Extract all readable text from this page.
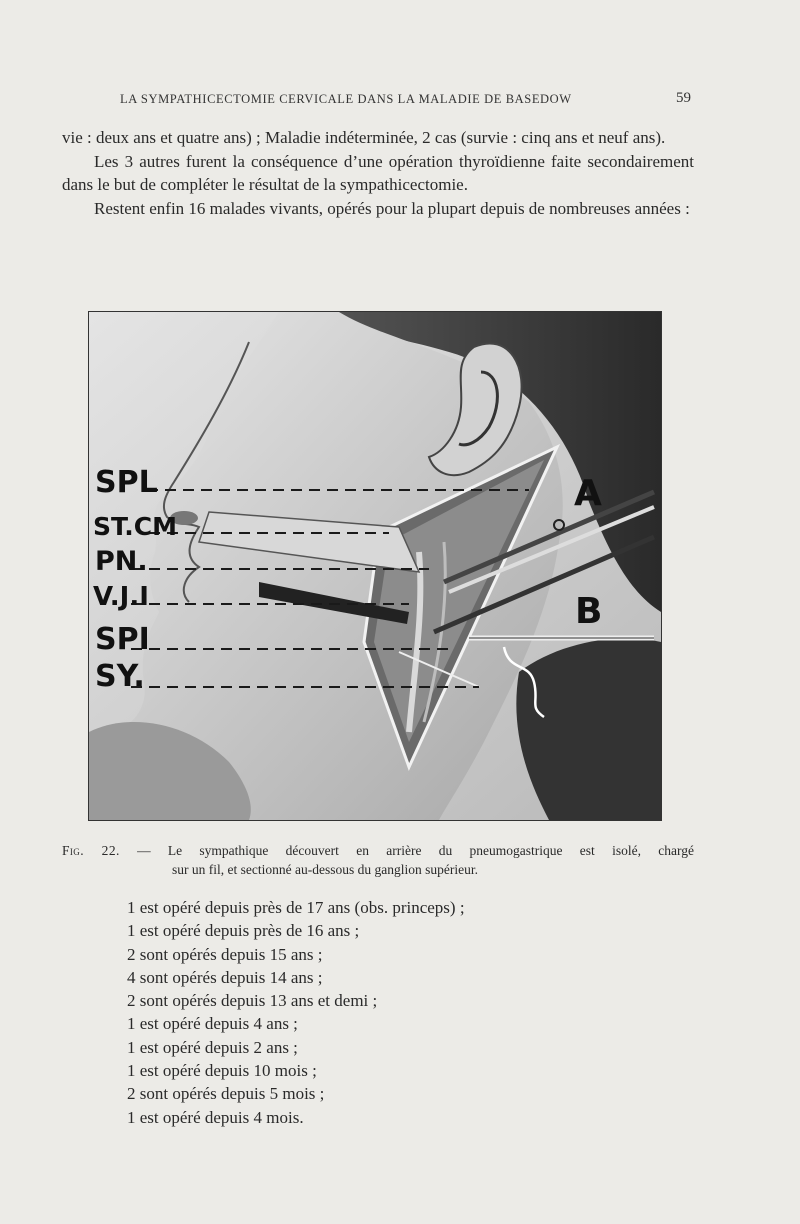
LA SYMPATHICECTOMIE CERVICALE DANS LA MALADIE DE BASEDOW	59

vie : deux ans et quatre ans) ; Maladie indéterminée, 2 cas (survie : cinq ans et neuf ans).

Les 3 autres furent la conséquence d’une opération thyroïdienne faite secondairement dans le but de compléter le résultat de la sympathicectomie.

Restent enfin 16 malades vivants, opérés pour la plupart depuis de nombreuses années :

SPL
ST.CM
PN.
V.J.I
SPI
SY.
A
B
Fig. 22. — Le sympathique découvert en arrière du pneumogastrique est isolé, chargé
sur un fil, et sectionné au-dessous du ganglion supérieur.
1 est opéré depuis près de 17 ans (obs. princeps) ;
1 est opéré depuis près de 16 ans ;
2 sont opérés depuis 15 ans ;
4 sont opérés depuis 14 ans ;
2 sont opérés depuis 13 ans et demi ;
1 est opéré depuis 4 ans ;
1 est opéré depuis 2 ans ;
1 est opéré depuis 10 mois ;
2 sont opérés depuis 5 mois ;
1 est opéré depuis 4 mois.
